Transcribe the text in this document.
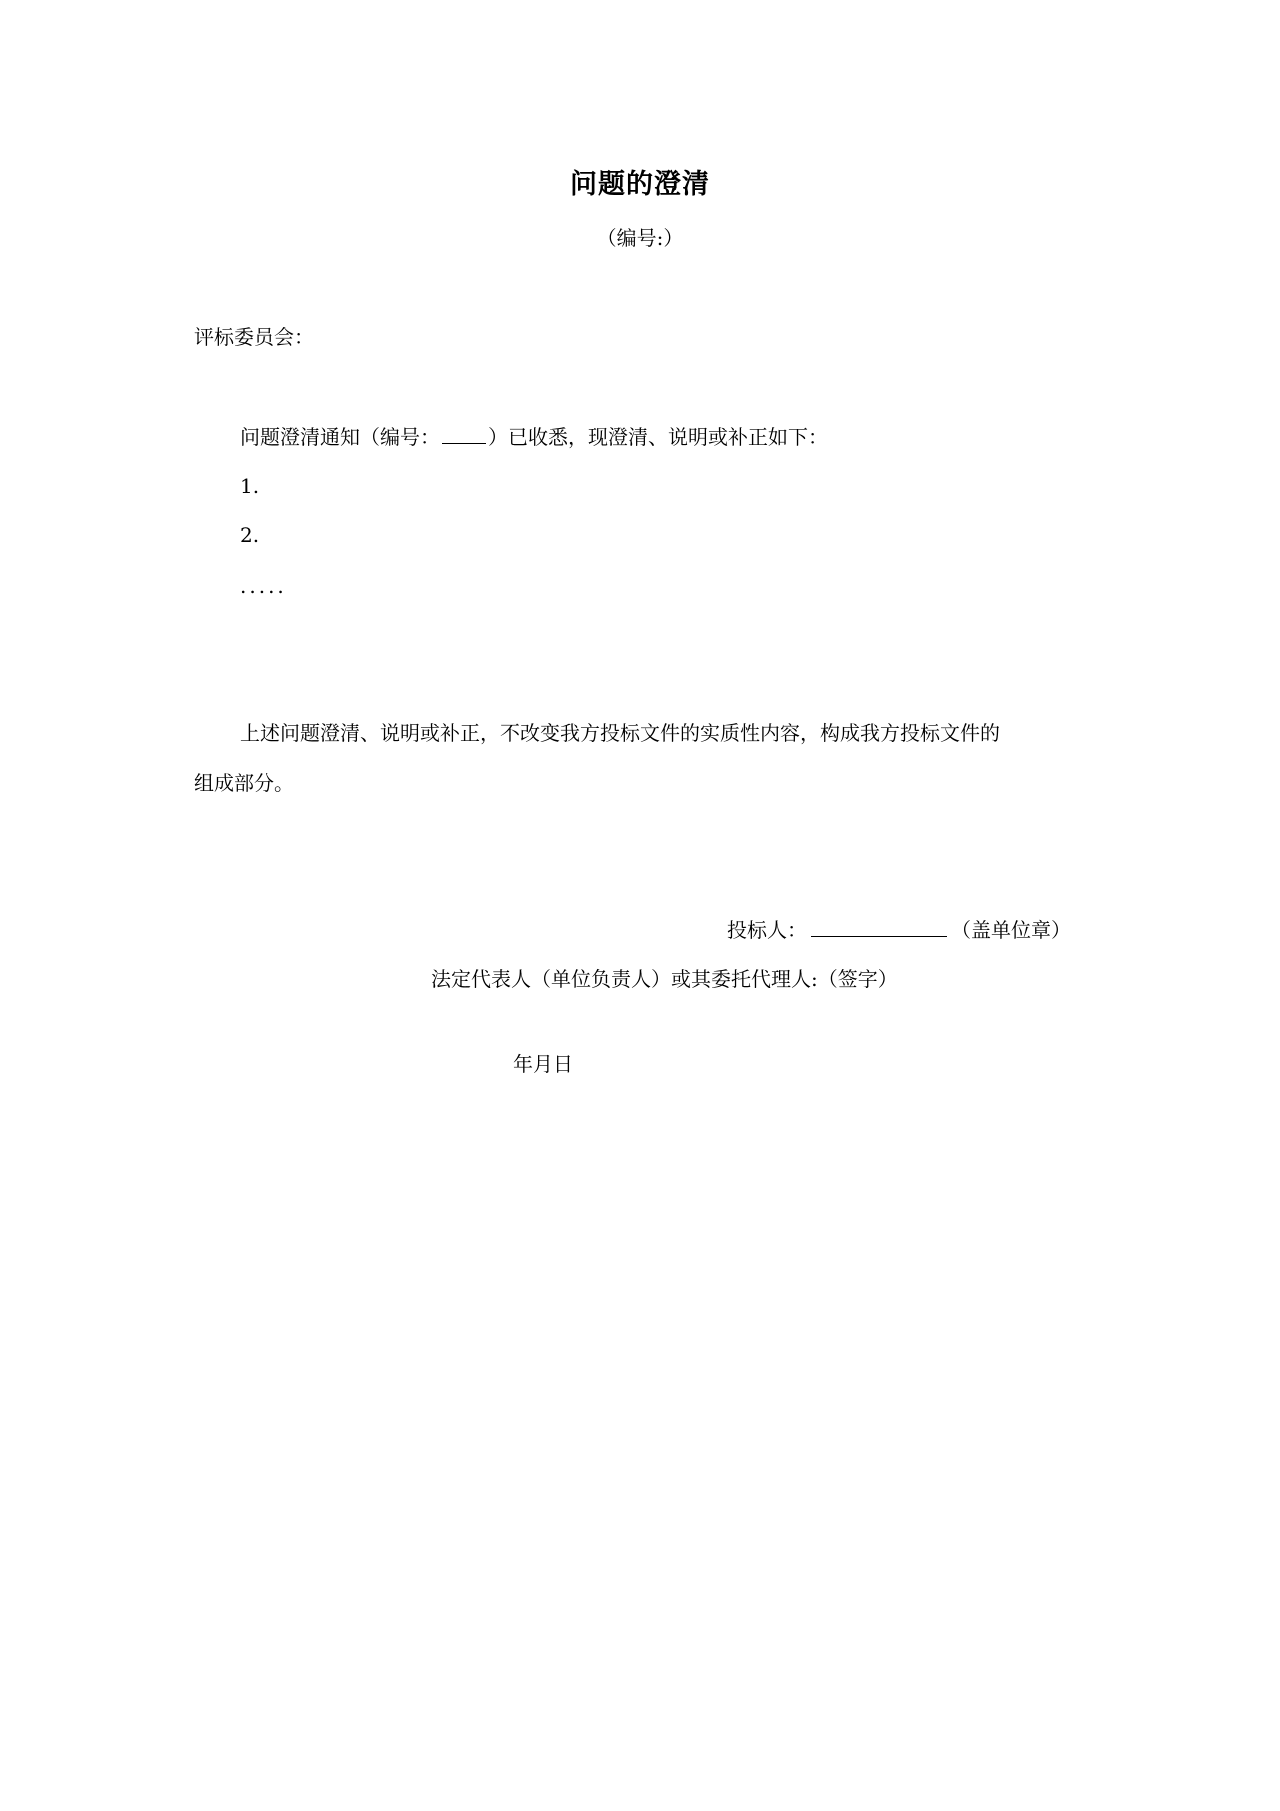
问题的澄清
（编号:）
评标委员会：
问题澄清通知（编号： ）已收悉，现澄清、说明或补正如下：
1.
2.
.....
上述问题澄清、说明或补正，不改变我方投标文件的实质性内容，构成我方投标文件的
组成部分。
投标人：	（盖单位章）
法定代表人（单位负责人）或其委托代理人:（签字）
年月日
